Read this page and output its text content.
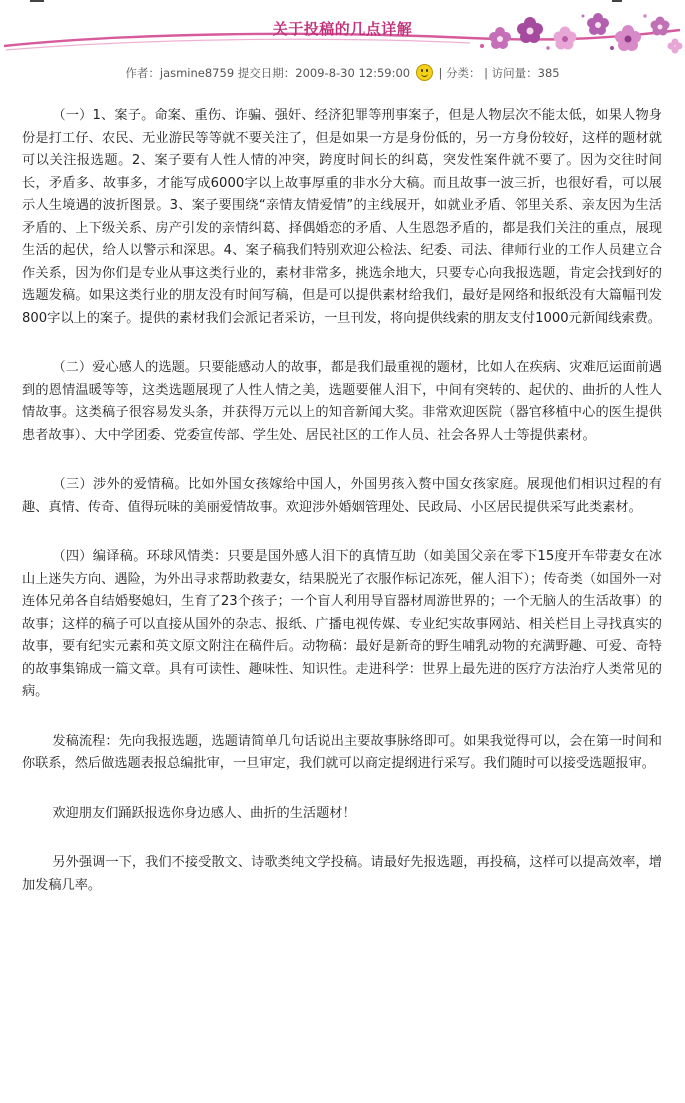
关于投稿的几点详解
作者：jasmine8759 提交日期：2009-8-30 12:59:00 | 分类： | 访问量：385

（一）1、案子。命案、重伤、诈骗、强奸、经济犯罪等刑事案子，但是人物层次不能太低，如果人物身份是打工仔、农民、无业游民等等就不要关注了，但是如果一方是身份低的，另一方身份较好，这样的题材就可以关注报选题。2、案子要有人性人情的冲突，跨度时间长的纠葛，突发性案件就不要了。因为交往时间长，矛盾多、故事多，才能写成6000字以上故事厚重的非水分大稿。而且故事一波三折，也很好看，可以展示人生境遇的波折图景。3、案子要围绕“亲情友情爱情”的主线展开，如就业矛盾、邻里关系、亲友因为生活矛盾的、上下级关系、房产引发的亲情纠葛、择偶婚恋的矛盾、人生恩怨矛盾的，都是我们关注的重点，展现生活的起伏，给人以警示和深思。4、案子稿我们特别欢迎公检法、纪委、司法、律师行业的工作人员建立合作关系，因为你们是专业从事这类行业的，素材非常多，挑选余地大，只要专心向我报选题，肯定会找到好的选题发稿。如果这类行业的朋友没有时间写稿，但是可以提供素材给我们，最好是网络和报纸没有大篇幅刊发800字以上的案子。提供的素材我们会派记者采访，一旦刊发，将向提供线索的朋友支付1000元新闻线索费。

（二）爱心感人的选题。只要能感动人的故事，都是我们最重视的题材，比如人在疾病、灾难厄运面前遇到的恩情温暖等等，这类选题展现了人性人情之美，选题要催人泪下，中间有突转的、起伏的、曲折的人性人情故事。这类稿子很容易发头条，并获得万元以上的知音新闻大奖。非常欢迎医院（器官移植中心的医生提供患者故事）、大中学团委、党委宣传部、学生处、居民社区的工作人员、社会各界人士等提供素材。

（三）涉外的爱情稿。比如外国女孩嫁给中国人，外国男孩入赘中国女孩家庭。展现他们相识过程的有趣、真情、传奇、值得玩味的美丽爱情故事。欢迎涉外婚姻管理处、民政局、小区居民提供采写此类素材。

（四）编译稿。环球风情类：只要是国外感人泪下的真情互助（如美国父亲在零下15度开车带妻女在冰山上迷失方向、遇险，为外出寻求帮助救妻女，结果脱光了衣服作标记冻死，催人泪下）；传奇类（如国外一对连体兄弟各自结婚娶媳妇，生育了23个孩子；一个盲人利用导盲器材周游世界的；一个无脑人的生活故事）的故事；这样的稿子可以直接从国外的杂志、报纸、广播电视传媒、专业纪实故事网站、相关栏目上寻找真实的故事，要有纪实元素和英文原文附注在稿件后。动物稿：最好是新奇的野生哺乳动物的充满野趣、可爱、奇特的故事集锦成一篇文章。具有可读性、趣味性、知识性。走进科学：世界上最先进的医疗方法治疗人类常见的病。

发稿流程：先向我报选题，选题请简单几句话说出主要故事脉络即可。如果我觉得可以，会在第一时间和你联系，然后做选题表报总编批审，一旦审定，我们就可以商定提纲进行采写。我们随时可以接受选题报审。

欢迎朋友们踊跃报选你身边感人、曲折的生活题材！

另外强调一下，我们不接受散文、诗歌类纯文学投稿。请最好先报选题，再投稿，这样可以提高效率，增加发稿几率。
